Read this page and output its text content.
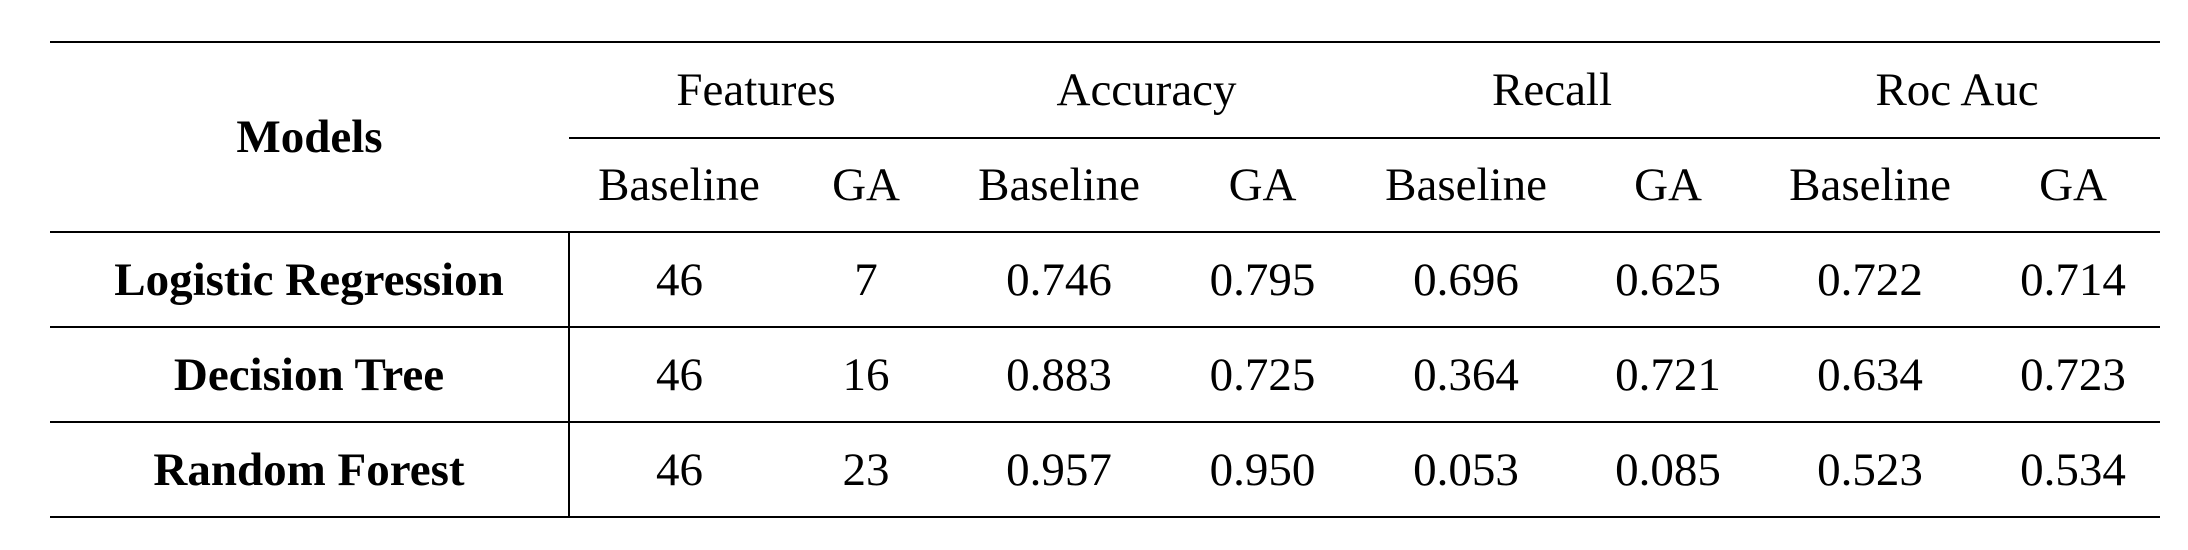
Models	Features		Accuracy		Recall		Roc Auc	
	Baseline	GA	Baseline	GA	Baseline	GA	Baseline	GA
Logistic Regression	46	7	0.746	0.795	0.696	0.625	0.722	0.714
Decision Tree	46	16	0.883	0.725	0.364	0.721	0.634	0.723
Random Forest	46	23	0.957	0.950	0.053	0.085	0.523	0.534
